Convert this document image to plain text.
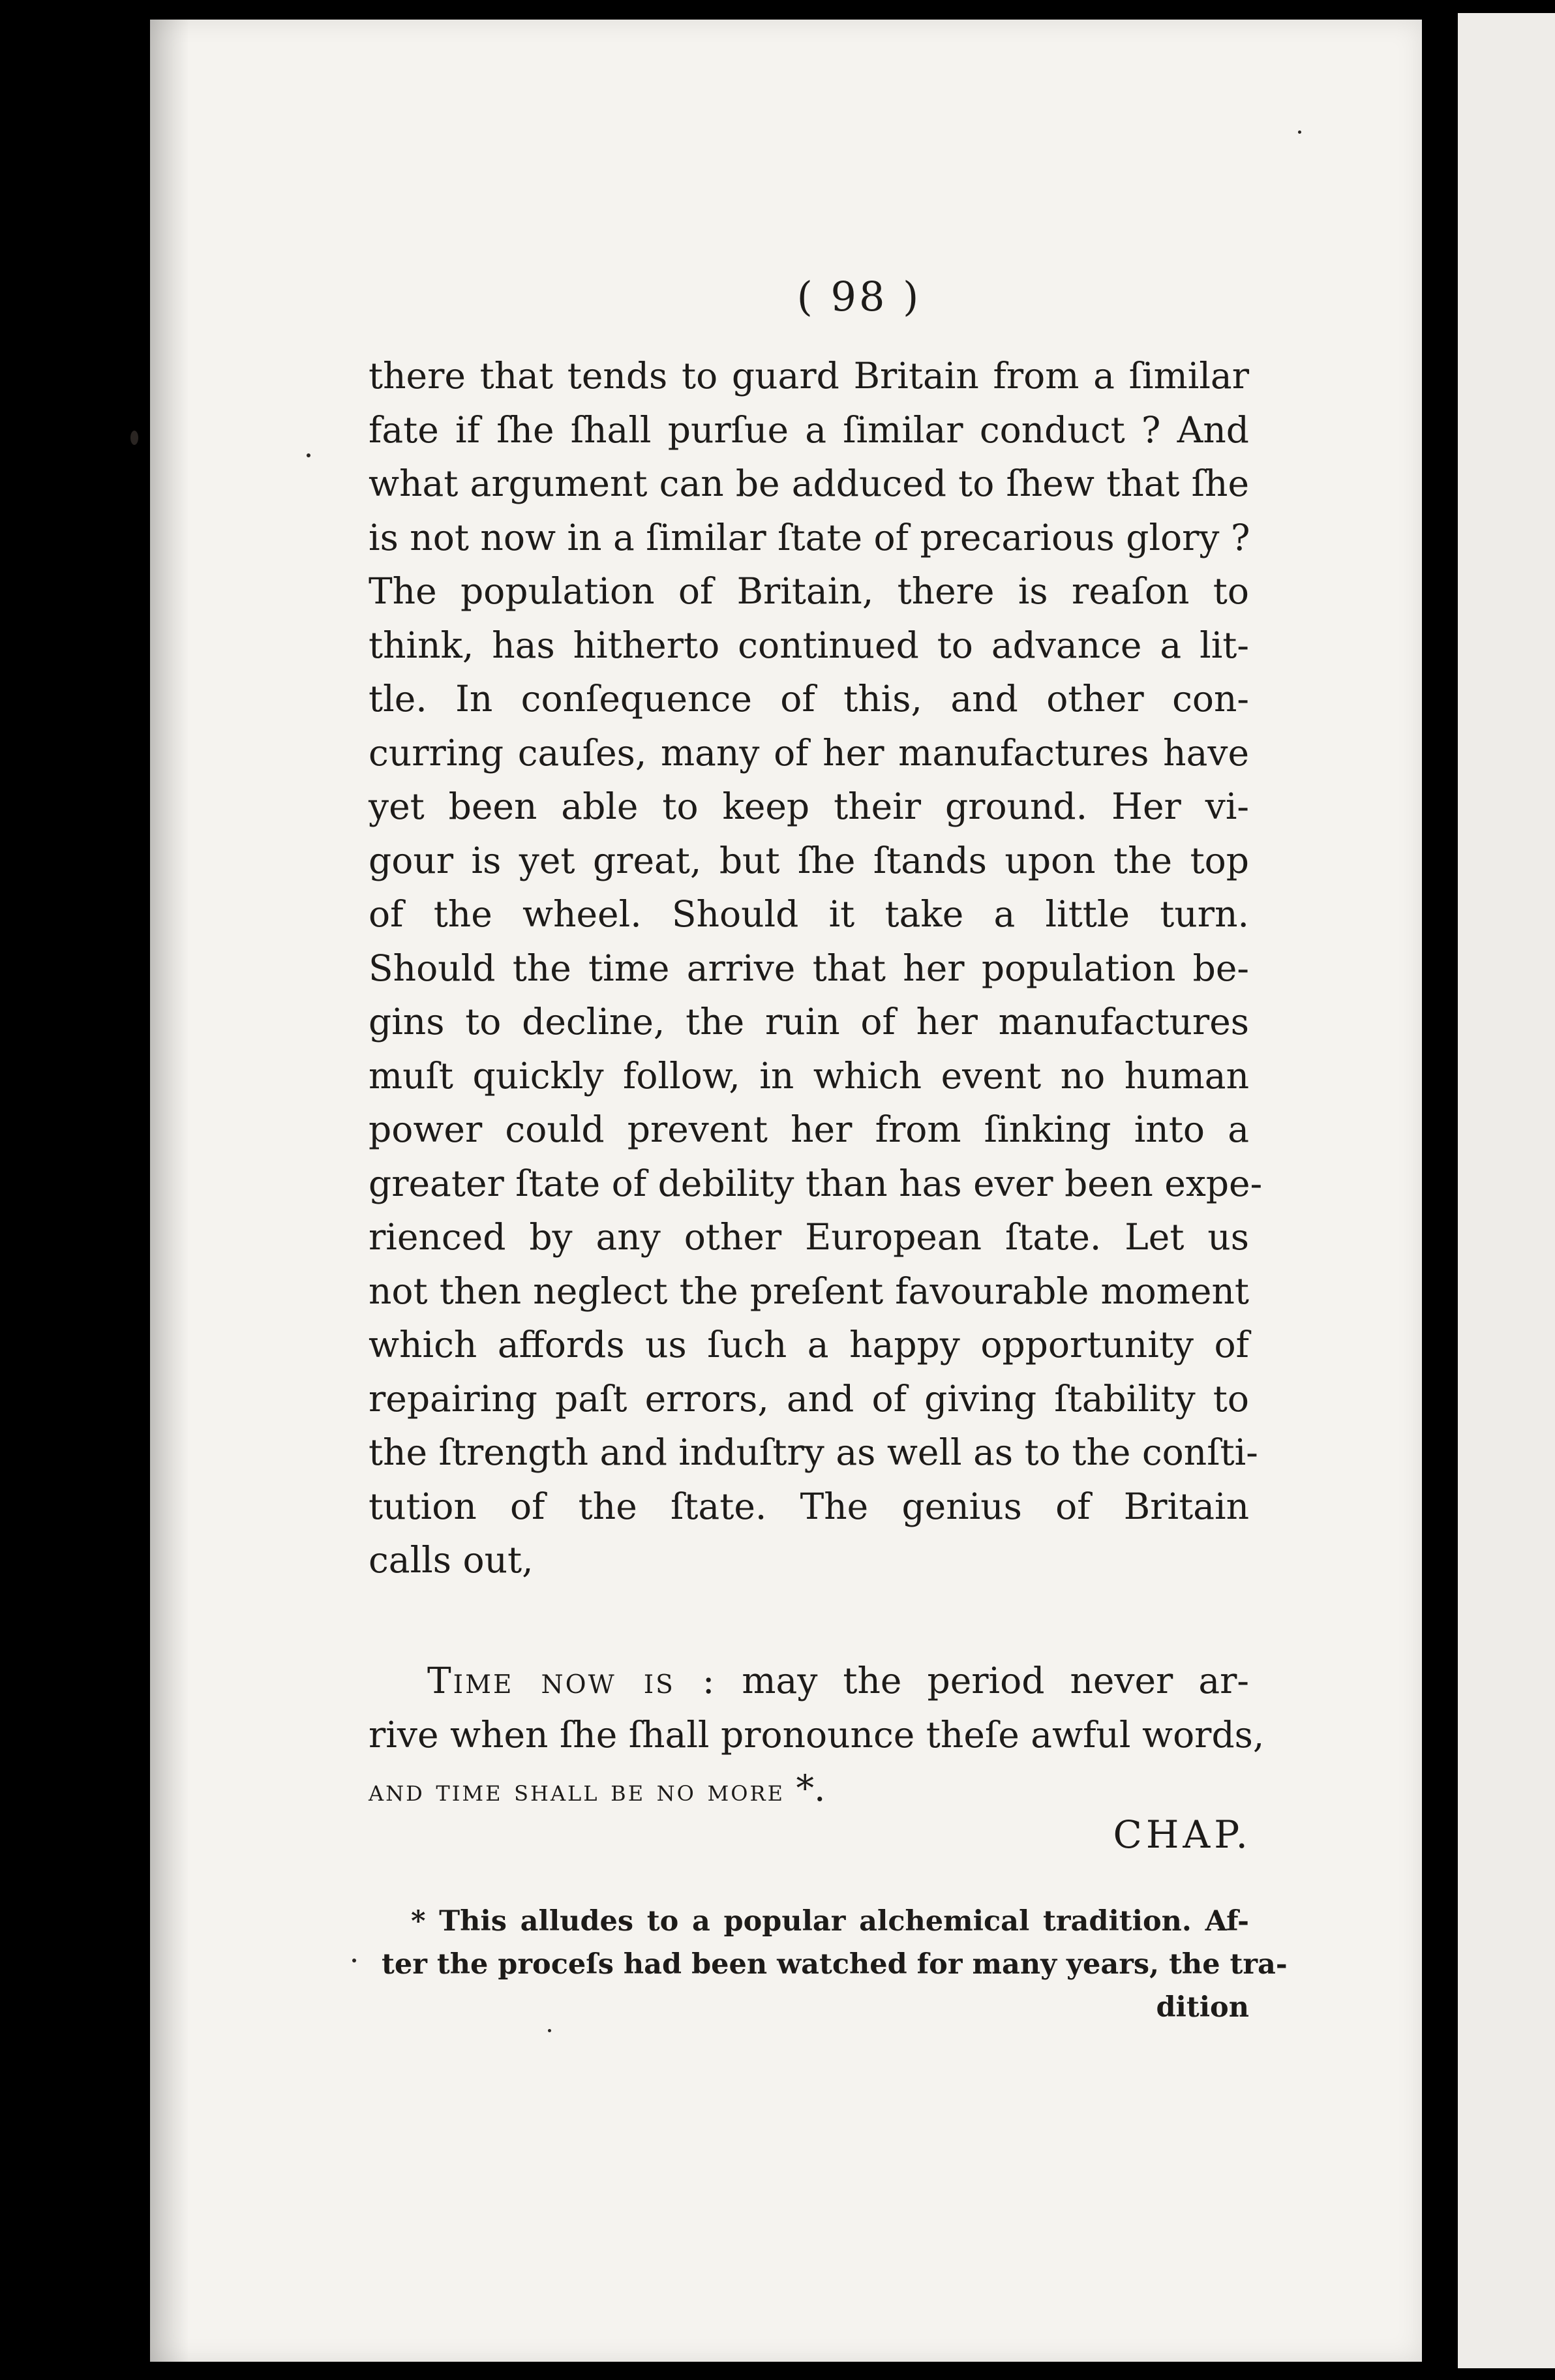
( 98 )
there that tends to guard Britain from a ſimilar
fate if ſhe ſhall purſue a ſimilar conduct ? And
what argument can be adduced to ſhew that ſhe
is not now in a ſimilar ſtate of precarious glory ?
The population of Britain, there is reaſon to
think, has hitherto continued to advance a lit-
tle. In conſequence of this, and other con-
curring cauſes, many of her manufactures have
yet been able to keep their ground. Her vi-
gour is yet great, but ſhe ſtands upon the top
of the wheel. Should it take a little turn.
Should the time arrive that her population be-
gins to decline, the ruin of her manufactures
muſt quickly follow, in which event no human
power could prevent her from ſinking into a
greater ſtate of debility than has ever been expe-
rienced by any other European ſtate. Let us
not then neglect the preſent favourable moment
which affords us ſuch a happy opportunity of
repairing paſt errors, and of giving ſtability to
the ſtrength and induſtry as well as to the conſti-
tution of the ſtate. The genius of Britain
calls out,
Time now is : may the period never ar-
rive when ſhe ſhall pronounce theſe awful words,
and time shall be no more *.
CHAP.
* This alludes to a popular alchemical tradition. Af-
ter the proceſs had been watched for many years, the tra-
dition
